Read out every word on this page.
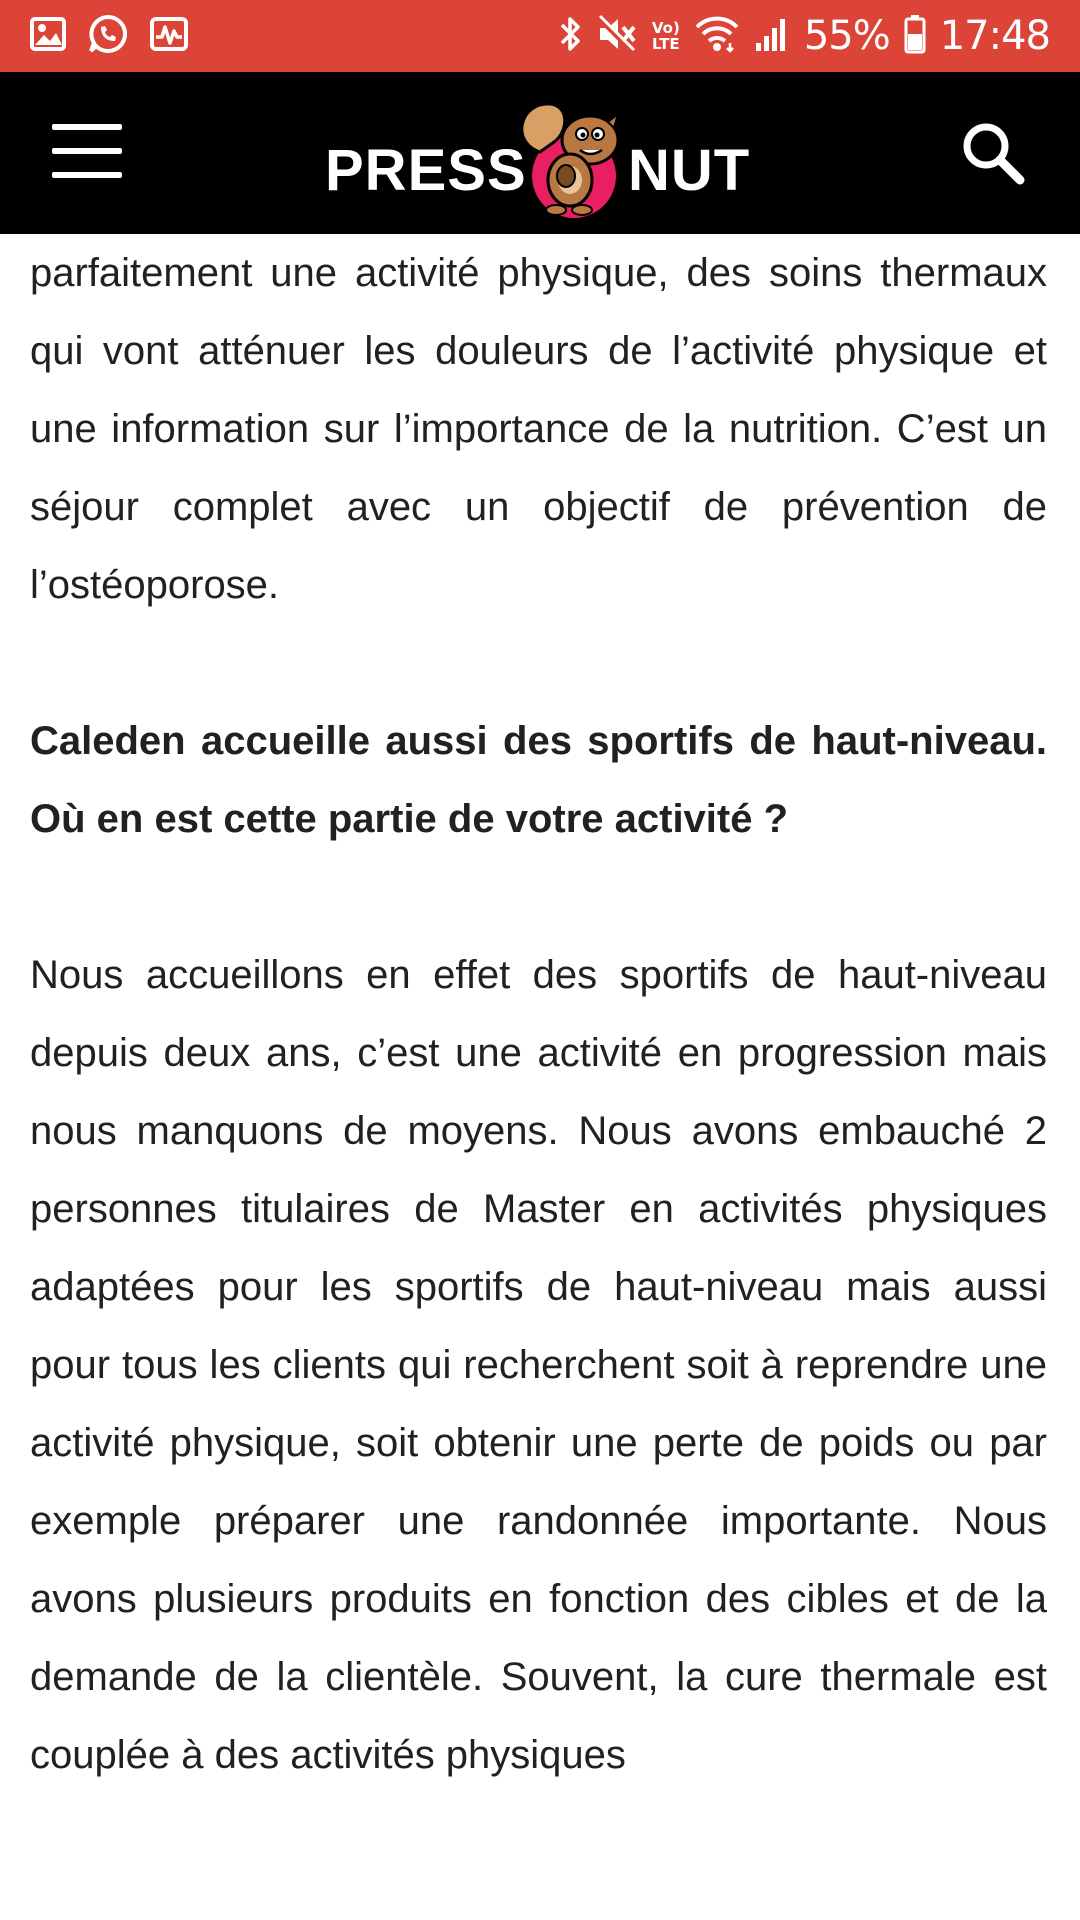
Vo)
LTE	55% 17:48
PRESS NUT

parfaitement une activité physique, des soins thermaux qui vont atténuer les douleurs de l’activité physique et une information sur l’importance de la nutrition. C’est un séjour complet avec un objectif de prévention de l’ostéoporose.

Caleden accueille aussi des sportifs de haut-niveau. Où en est cette partie de votre activité ?

Nous accueillons en effet des sportifs de haut-niveau depuis deux ans, c’est une activité en progression mais nous manquons de moyens. Nous avons embauché 2 personnes titulaires de Master en activités physiques adaptées pour les sportifs de haut-niveau mais aussi pour tous les clients qui recherchent soit à reprendre une activité physique, soit obtenir une perte de poids ou par exemple préparer une randonnée importante. Nous avons plusieurs produits en fonction des cibles et de la demande de la clientèle. Souvent, la cure thermale est couplée à des activités physiques
